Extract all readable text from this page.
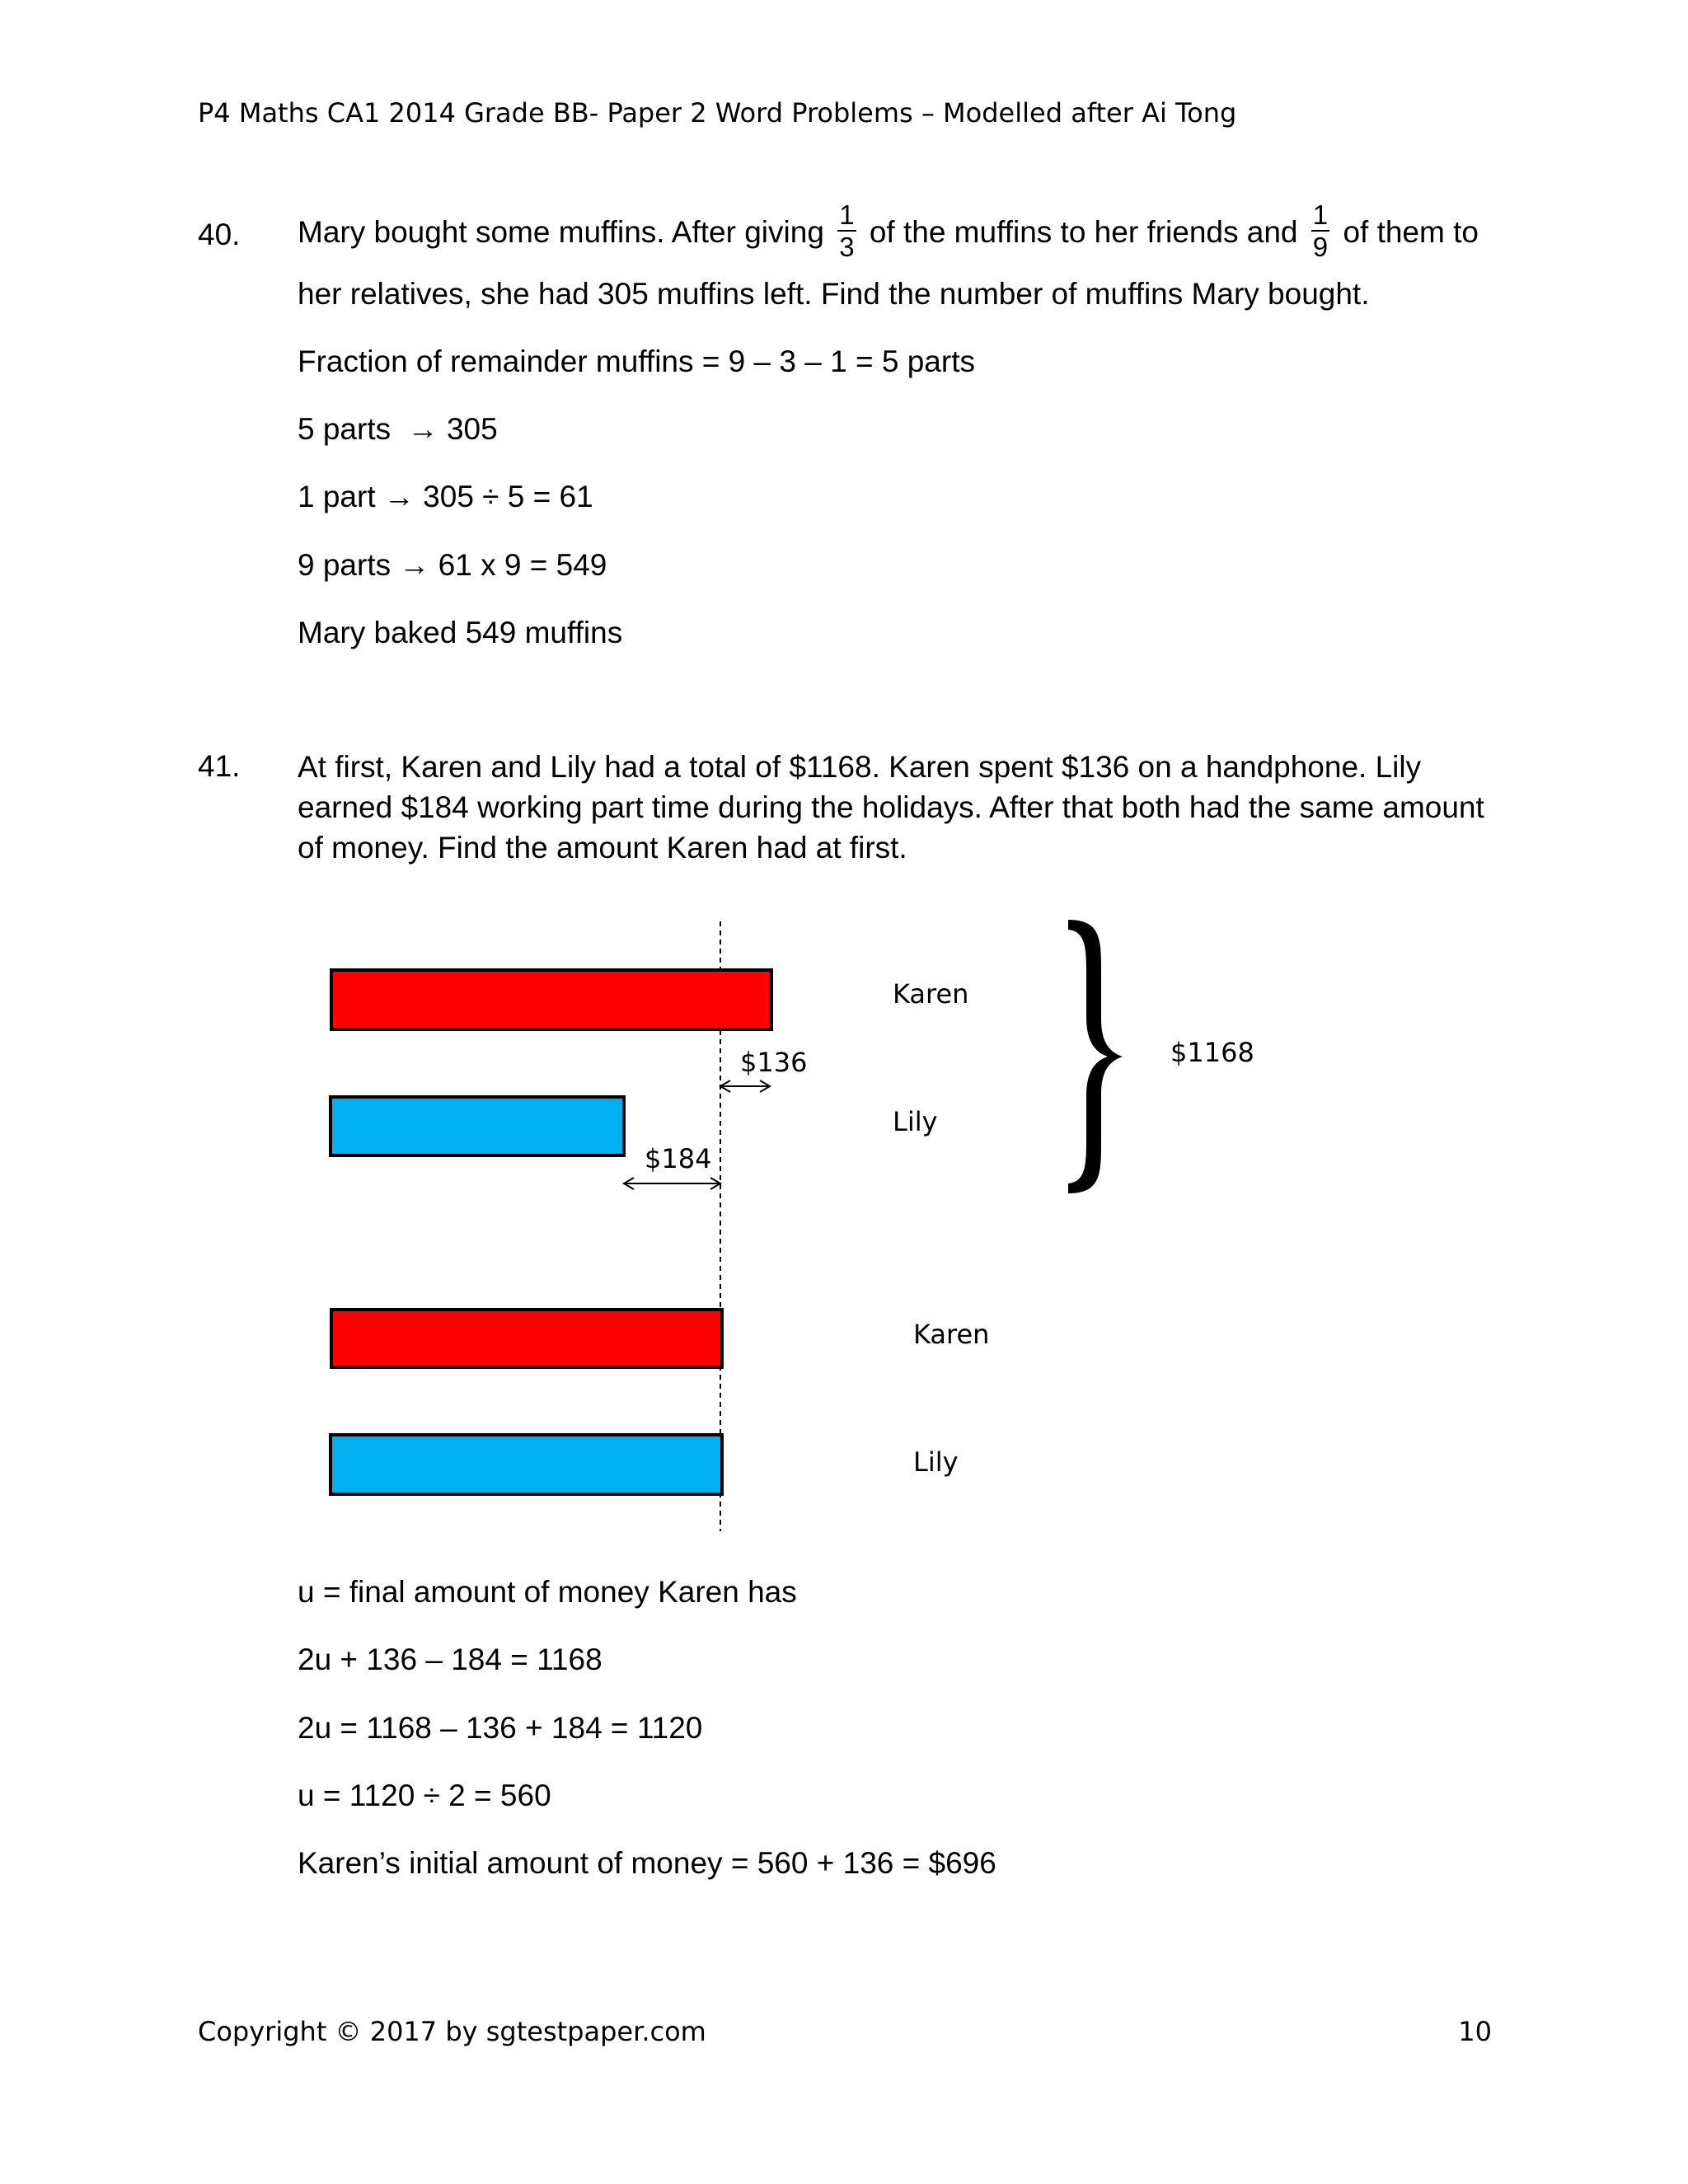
P4 Maths CA1 2014 Grade BB- Paper 2 Word Problems – Modelled after Ai Tong
40. Mary bought some muffins. After giving $\frac{1}{3}$ of the muffins to her friends and $\frac{1}{9}$ of them to
her relatives, she had 305 muffins left. Find the number of muffins Mary bought.
Fraction of remainder muffins = 9 – 3 – 1 = 5 parts
5 parts  → 305
1 part → 305 ÷ 5 = 61
9 parts → 61 x 9 = 549
Mary baked 549 muffins
41. At first, Karen and Lily had a total of $1168. Karen spent $136 on a handphone. Lily earned $184 working part time during the holidays. After that both had the same amount of money. Find the amount Karen had at first.
Karen
Lily
$136
$184
$1168
Karen
Lily
u = final amount of money Karen has
2u + 136 – 184 = 1168
2u = 1168 – 136 + 184 = 1120
u = 1120 ÷ 2 = 560
Karen’s initial amount of money = 560 + 136 = $696
Copyright © 2017 by sgtestpaper.com	10
